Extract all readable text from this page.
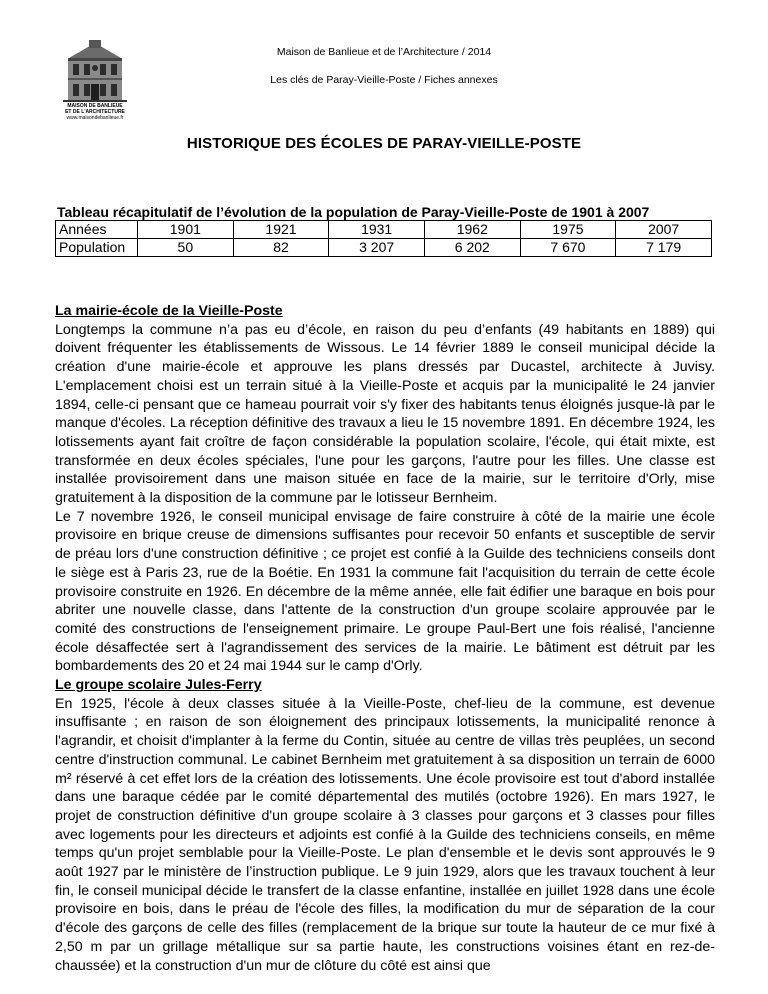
MAISON DE BANLIEUE
ET DE L'ARCHITECTURE
www.maisondebanlieue.fr
Maison de Banlieue et de l’Architecture / 2014
Les clés de Paray-Vieille-Poste / Fiches annexes
HISTORIQUE DES ÉCOLES DE PARAY-VIEILLE-POSTE
Tableau récapitulatif de l’évolution de la population de Paray-Vieille-Poste de 1901 à 2007
Années	1901	1921	1931	1962	1975	2007
Population	50	82	3 207	6 202	7 670	7 179
La mairie-école de la Vieille-Poste

Longtemps la commune n’a pas eu d’école, en raison du peu d’enfants (49 habitants en 1889) qui doivent fréquenter les établissements de Wissous. Le 14 février 1889 le conseil municipal décide la création d'une mairie-école et approuve les plans dressés par Ducastel, architecte à Juvisy. L'emplacement choisi est un terrain situé à la Vieille-Poste et acquis par la municipalité le 24 janvier 1894, celle-ci pensant que ce hameau pourrait voir s'y fixer des habitants tenus éloignés jusque-là par le manque d'écoles. La réception définitive des travaux a lieu le 15 novembre 1891. En décembre 1924, les lotissements ayant fait croître de façon considérable la population scolaire, l'école, qui était mixte, est transformée en deux écoles spéciales, l'une pour les garçons, l'autre pour les filles. Une classe est installée provisoirement dans une maison située en face de la mairie, sur le territoire d'Orly, mise gratuitement à la disposition de la commune par le lotisseur Bernheim.

Le 7 novembre 1926, le conseil municipal envisage de faire construire à côté de la mairie une école provisoire en brique creuse de dimensions suffisantes pour recevoir 50 enfants et susceptible de servir de préau lors d'une construction définitive ; ce projet est confié à la Guilde des techniciens conseils dont le siège est à Paris 23, rue de la Boétie. En 1931 la commune fait l'acquisition du terrain de cette école provisoire construite en 1926. En décembre de la même année, elle fait édifier une baraque en bois pour abriter une nouvelle classe, dans l'attente de la construction d'un groupe scolaire approuvée par le comité des constructions de l'enseignement primaire. Le groupe Paul-Bert une fois réalisé, l'ancienne école désaffectée sert à l'agrandissement des services de la mairie. Le bâtiment est détruit par les bombardements des 20 et 24 mai 1944 sur le camp d'Orly.

Le groupe scolaire Jules-Ferry

En 1925, l'école à deux classes située à la Vieille-Poste, chef-lieu de la commune, est devenue insuffisante ; en raison de son éloignement des principaux lotissements, la municipalité renonce à l'agrandir, et choisit d'implanter à la ferme du Contin, située au centre de villas très peuplées, un second centre d'instruction communal. Le cabinet Bernheim met gratuitement à sa disposition un terrain de 6000 m² réservé à cet effet lors de la création des lotissements. Une école provisoire est tout d'abord installée dans une baraque cédée par le comité départemental des mutilés (octobre 1926). En mars 1927, le projet de construction définitive d'un groupe scolaire à 3 classes pour garçons et 3 classes pour filles avec logements pour les directeurs et adjoints est confié à la Guilde des techniciens conseils, en même temps qu'un projet semblable pour la Vieille-Poste. Le plan d'ensemble et le devis sont approuvés le 9 août 1927 par le ministère de l’instruction publique. Le 9 juin 1929, alors que les travaux touchent à leur fin, le conseil municipal décide le transfert de la classe enfantine, installée en juillet 1928 dans une école provisoire en bois, dans le préau de l'école des filles, la modification du mur de séparation de la cour d'école des garçons de celle des filles (remplacement de la brique sur toute la hauteur de ce mur fixé à 2,50 m par un grillage métallique sur sa partie haute, les constructions voisines étant en rez-de-chaussée) et la construction d'un mur de clôture du côté est ainsi que
